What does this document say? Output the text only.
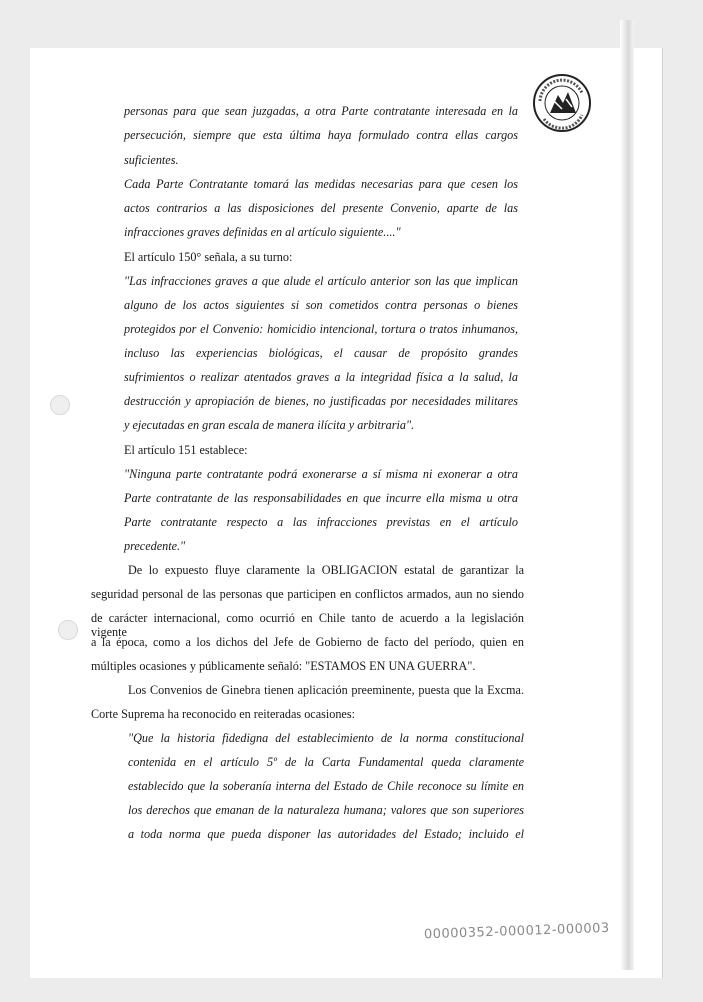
personas para que sean juzgadas, a otra Parte contratante interesada en la
persecución, siempre que esta última haya formulado contra ellas cargos
suficientes.
Cada Parte Contratante tomará las medidas necesarias para que cesen los
actos contrarios a las disposiciones del presente Convenio, aparte de las
infracciones graves definidas en al artículo siguiente...."
El artículo 150° señala, a su turno:
"Las infracciones graves a que alude el artículo anterior son las que implican
alguno de los actos siguientes si son cometidos contra personas o bienes
protegidos por el Convenio: homicidio intencional, tortura o tratos inhumanos,
incluso las experiencias biológicas, el causar de propósito grandes
sufrimientos o realizar atentados graves a la integridad física a la salud, la
destrucción y apropiación de bienes, no justificadas por necesidades militares
y ejecutadas en gran escala de manera ilícita y arbitraria".
El artículo 151 establece:
"Ninguna parte contratante podrá exonerarse a sí misma ni exonerar a otra
Parte contratante de las responsabilidades en que incurre ella misma u otra
Parte contratante respecto a las infracciones previstas en el artículo
precedente."
De lo expuesto fluye claramente la OBLIGACION estatal de garantizar la
seguridad personal de las personas que participen en conflictos armados, aun no siendo
de carácter internacional, como ocurrió en Chile tanto de acuerdo a la legislación vigente
a la época, como a los dichos del Jefe de Gobierno de facto del período, quien en
múltiples ocasiones y públicamente señaló: "ESTAMOS EN UNA GUERRA".
Los Convenios de Ginebra tienen aplicación preeminente, puesta que la Excma.
Corte Suprema ha reconocido en reiteradas ocasiones:
"Que la historia fidedigna del establecimiento de la norma constitucional
contenida en el artículo 5º de la Carta Fundamental queda claramente
establecido que la soberanía interna del Estado de Chile reconoce su límite en
los derechos que emanan de la naturaleza humana; valores que son superiores
a toda norma que pueda disponer las autoridades del Estado; incluido el
00000352-000012-000003
